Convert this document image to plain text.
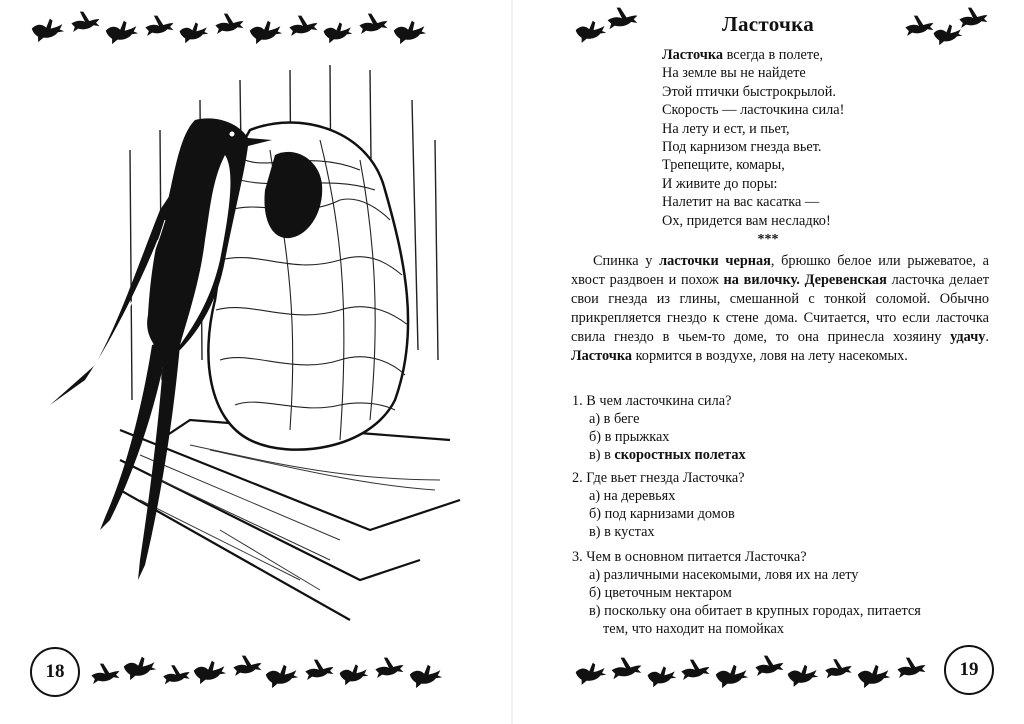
18
Ласточка
Ласточка всегда в полете,
На земле вы не найдете
Этой птички быстрокрылой.
Скорость — ласточкина сила!
На лету и ест, и пьет,
Под карнизом гнезда вьет.
Трепещите, комары,
И живите до поры:
Налетит на вас касатка —
Ох, придется вам несладко!
***

Спинка у ласточки черная, брюшко белое или рыжеватое, а хвост раздвоен и похож на вилочку. Деревенская ласточка делает свои гнезда из глины, смешанной с тонкой соломой. Обычно прикрепляется гнездо к стене дома. Считается, что если ласточка свила гнездо в чьем-то доме, то она принесла хозяину удачу. Ласточка кормится в воздухе, ловя на лету насекомых.

1. В чем ласточкина сила?
а) в беге
б) в прыжках
в) в скоростных полетах
2. Где вьет гнезда Ласточка?
а) на деревьях
б) под карнизами домов
в) в кустах
3. Чем в основном питается Ласточка?
а) различными насекомыми, ловя их на лету
б) цветочным нектаром
в) поскольку она обитает в крупных городах, питается
тем, что находит на помойках
19
